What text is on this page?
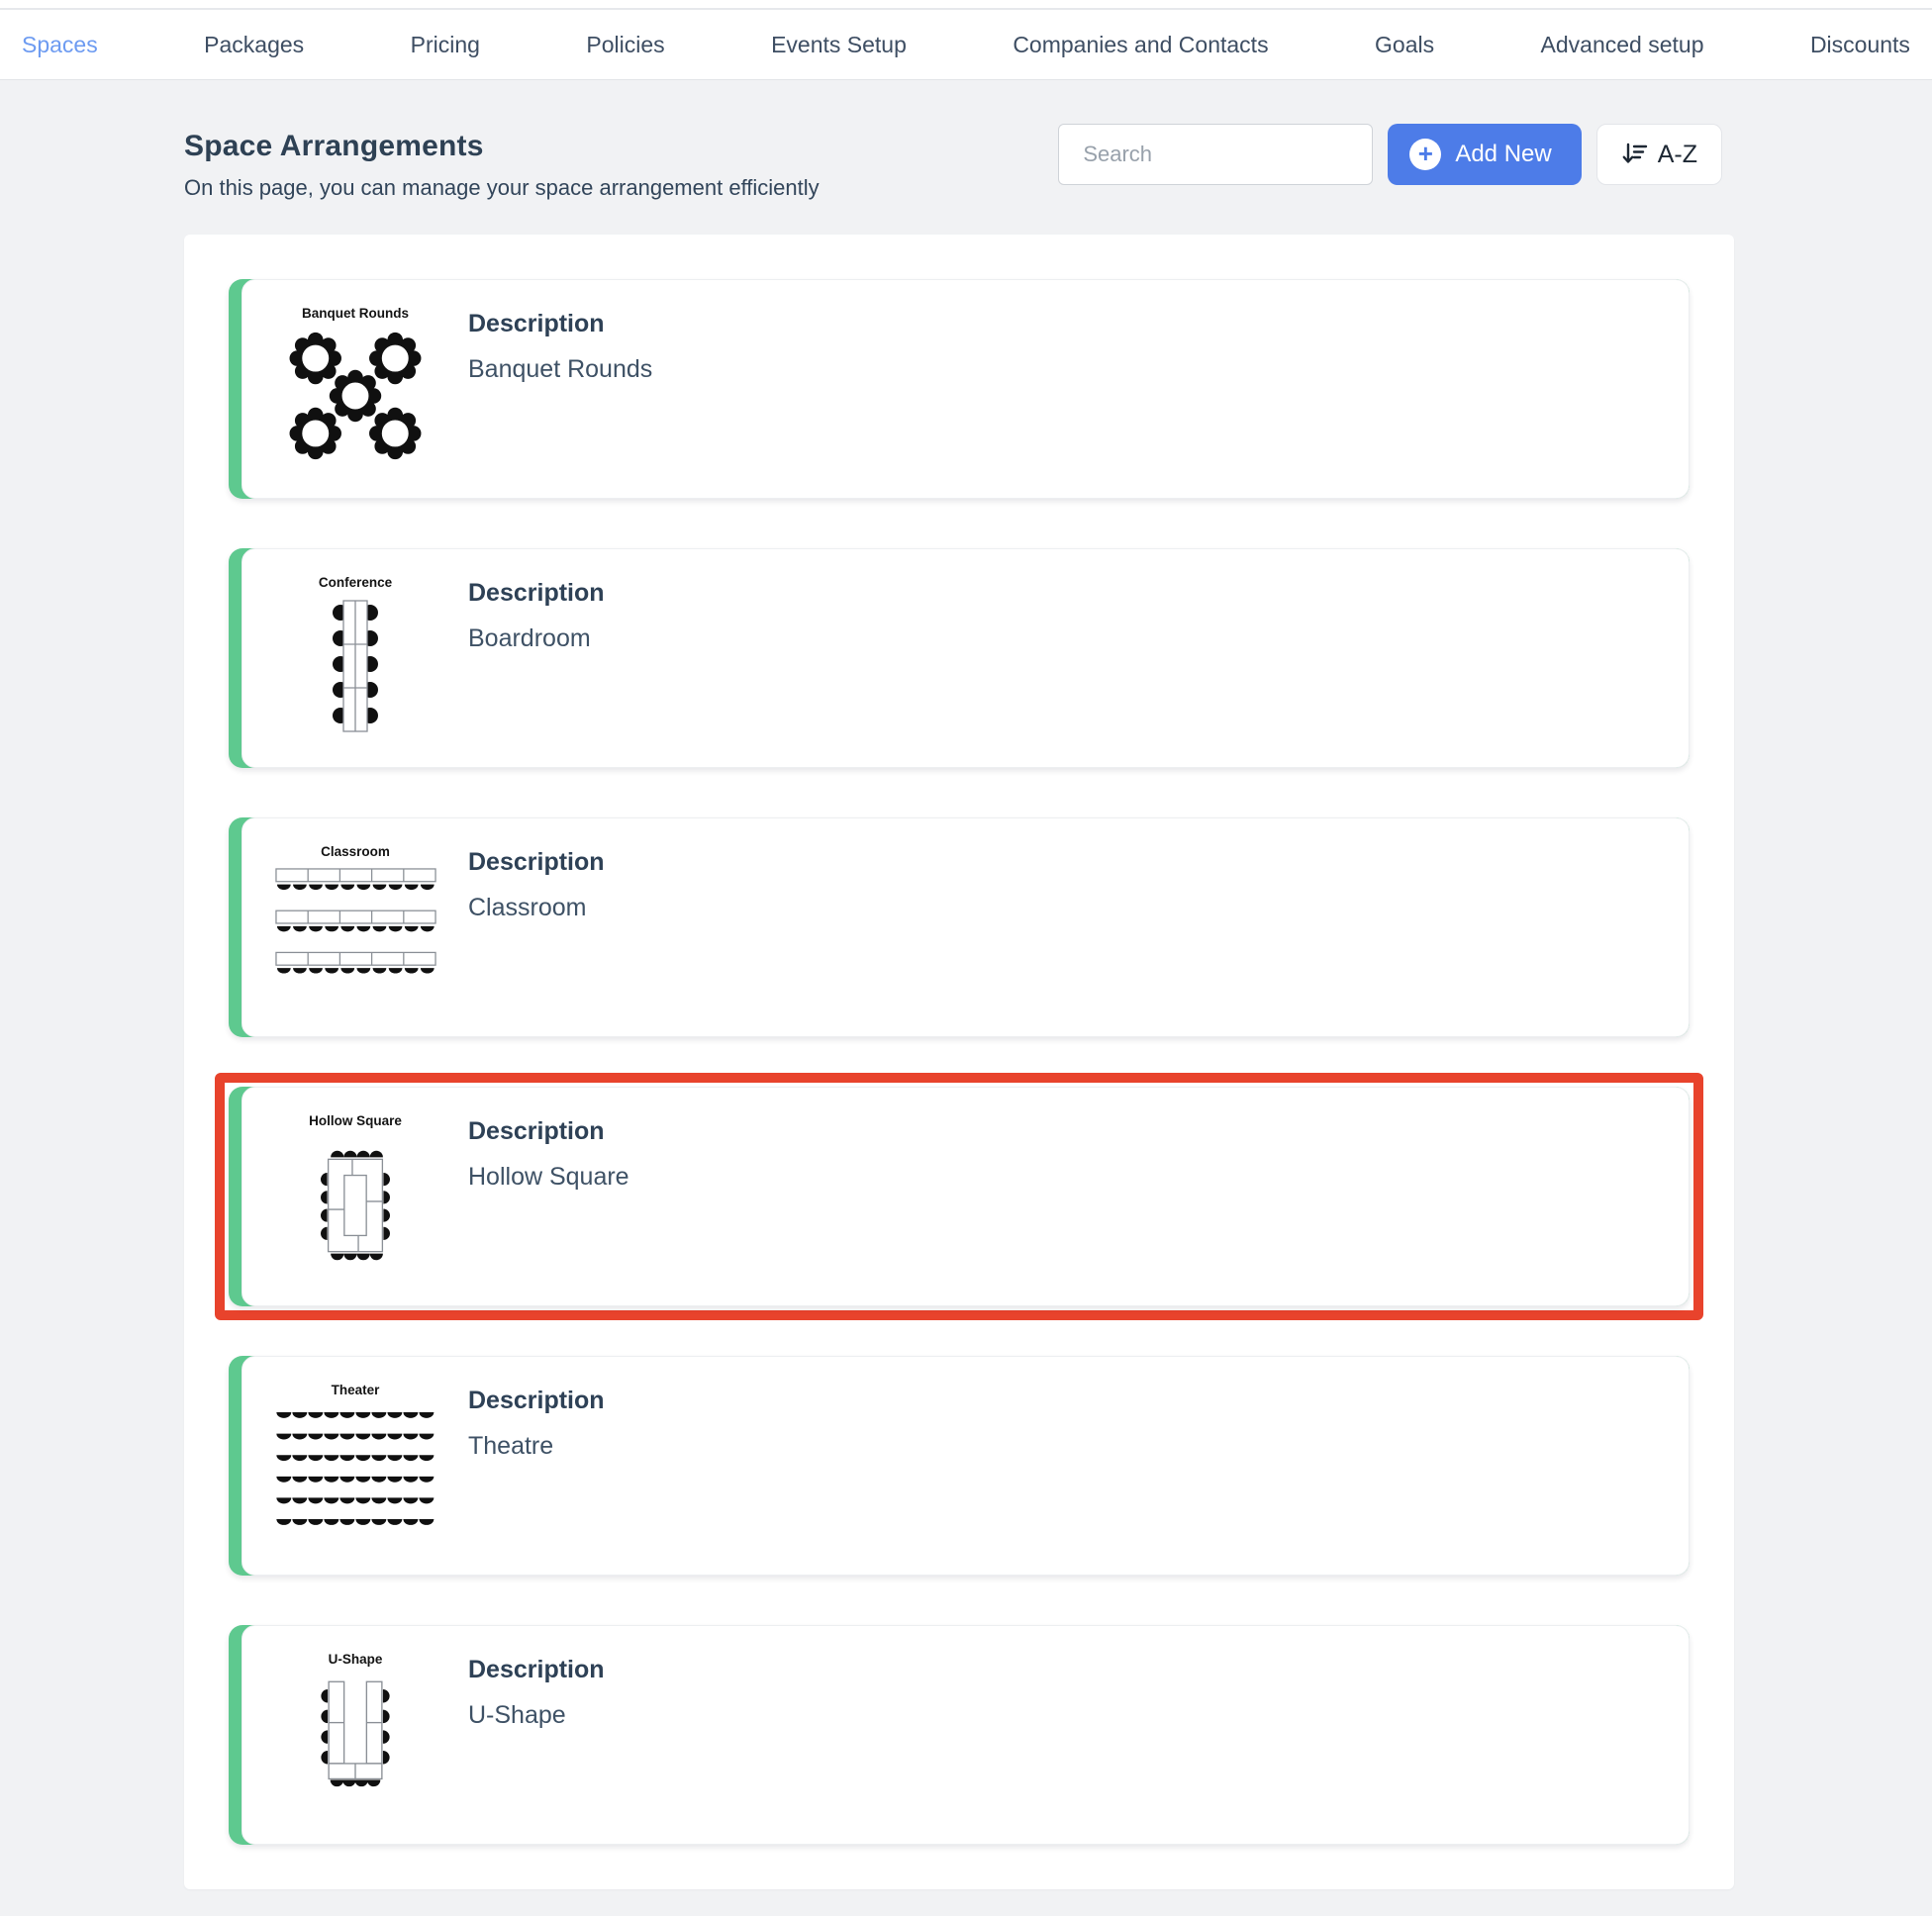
Spaces	Packages	Pricing	Policies	Events Setup	Companies and Contacts	Goals	Advanced setup	Discounts
Space Arrangements

On this page, you can manage your space arrangement efficiently

Search
+ Add New	A-Z
Banquet Rounds Description
Banquet Rounds
Conference	Description
Boardroom
Classroom	Description
Classroom
Hollow Square	Description
Hollow Square
Theater	Description
Theatre
U-Shape	Description
U-Shape
